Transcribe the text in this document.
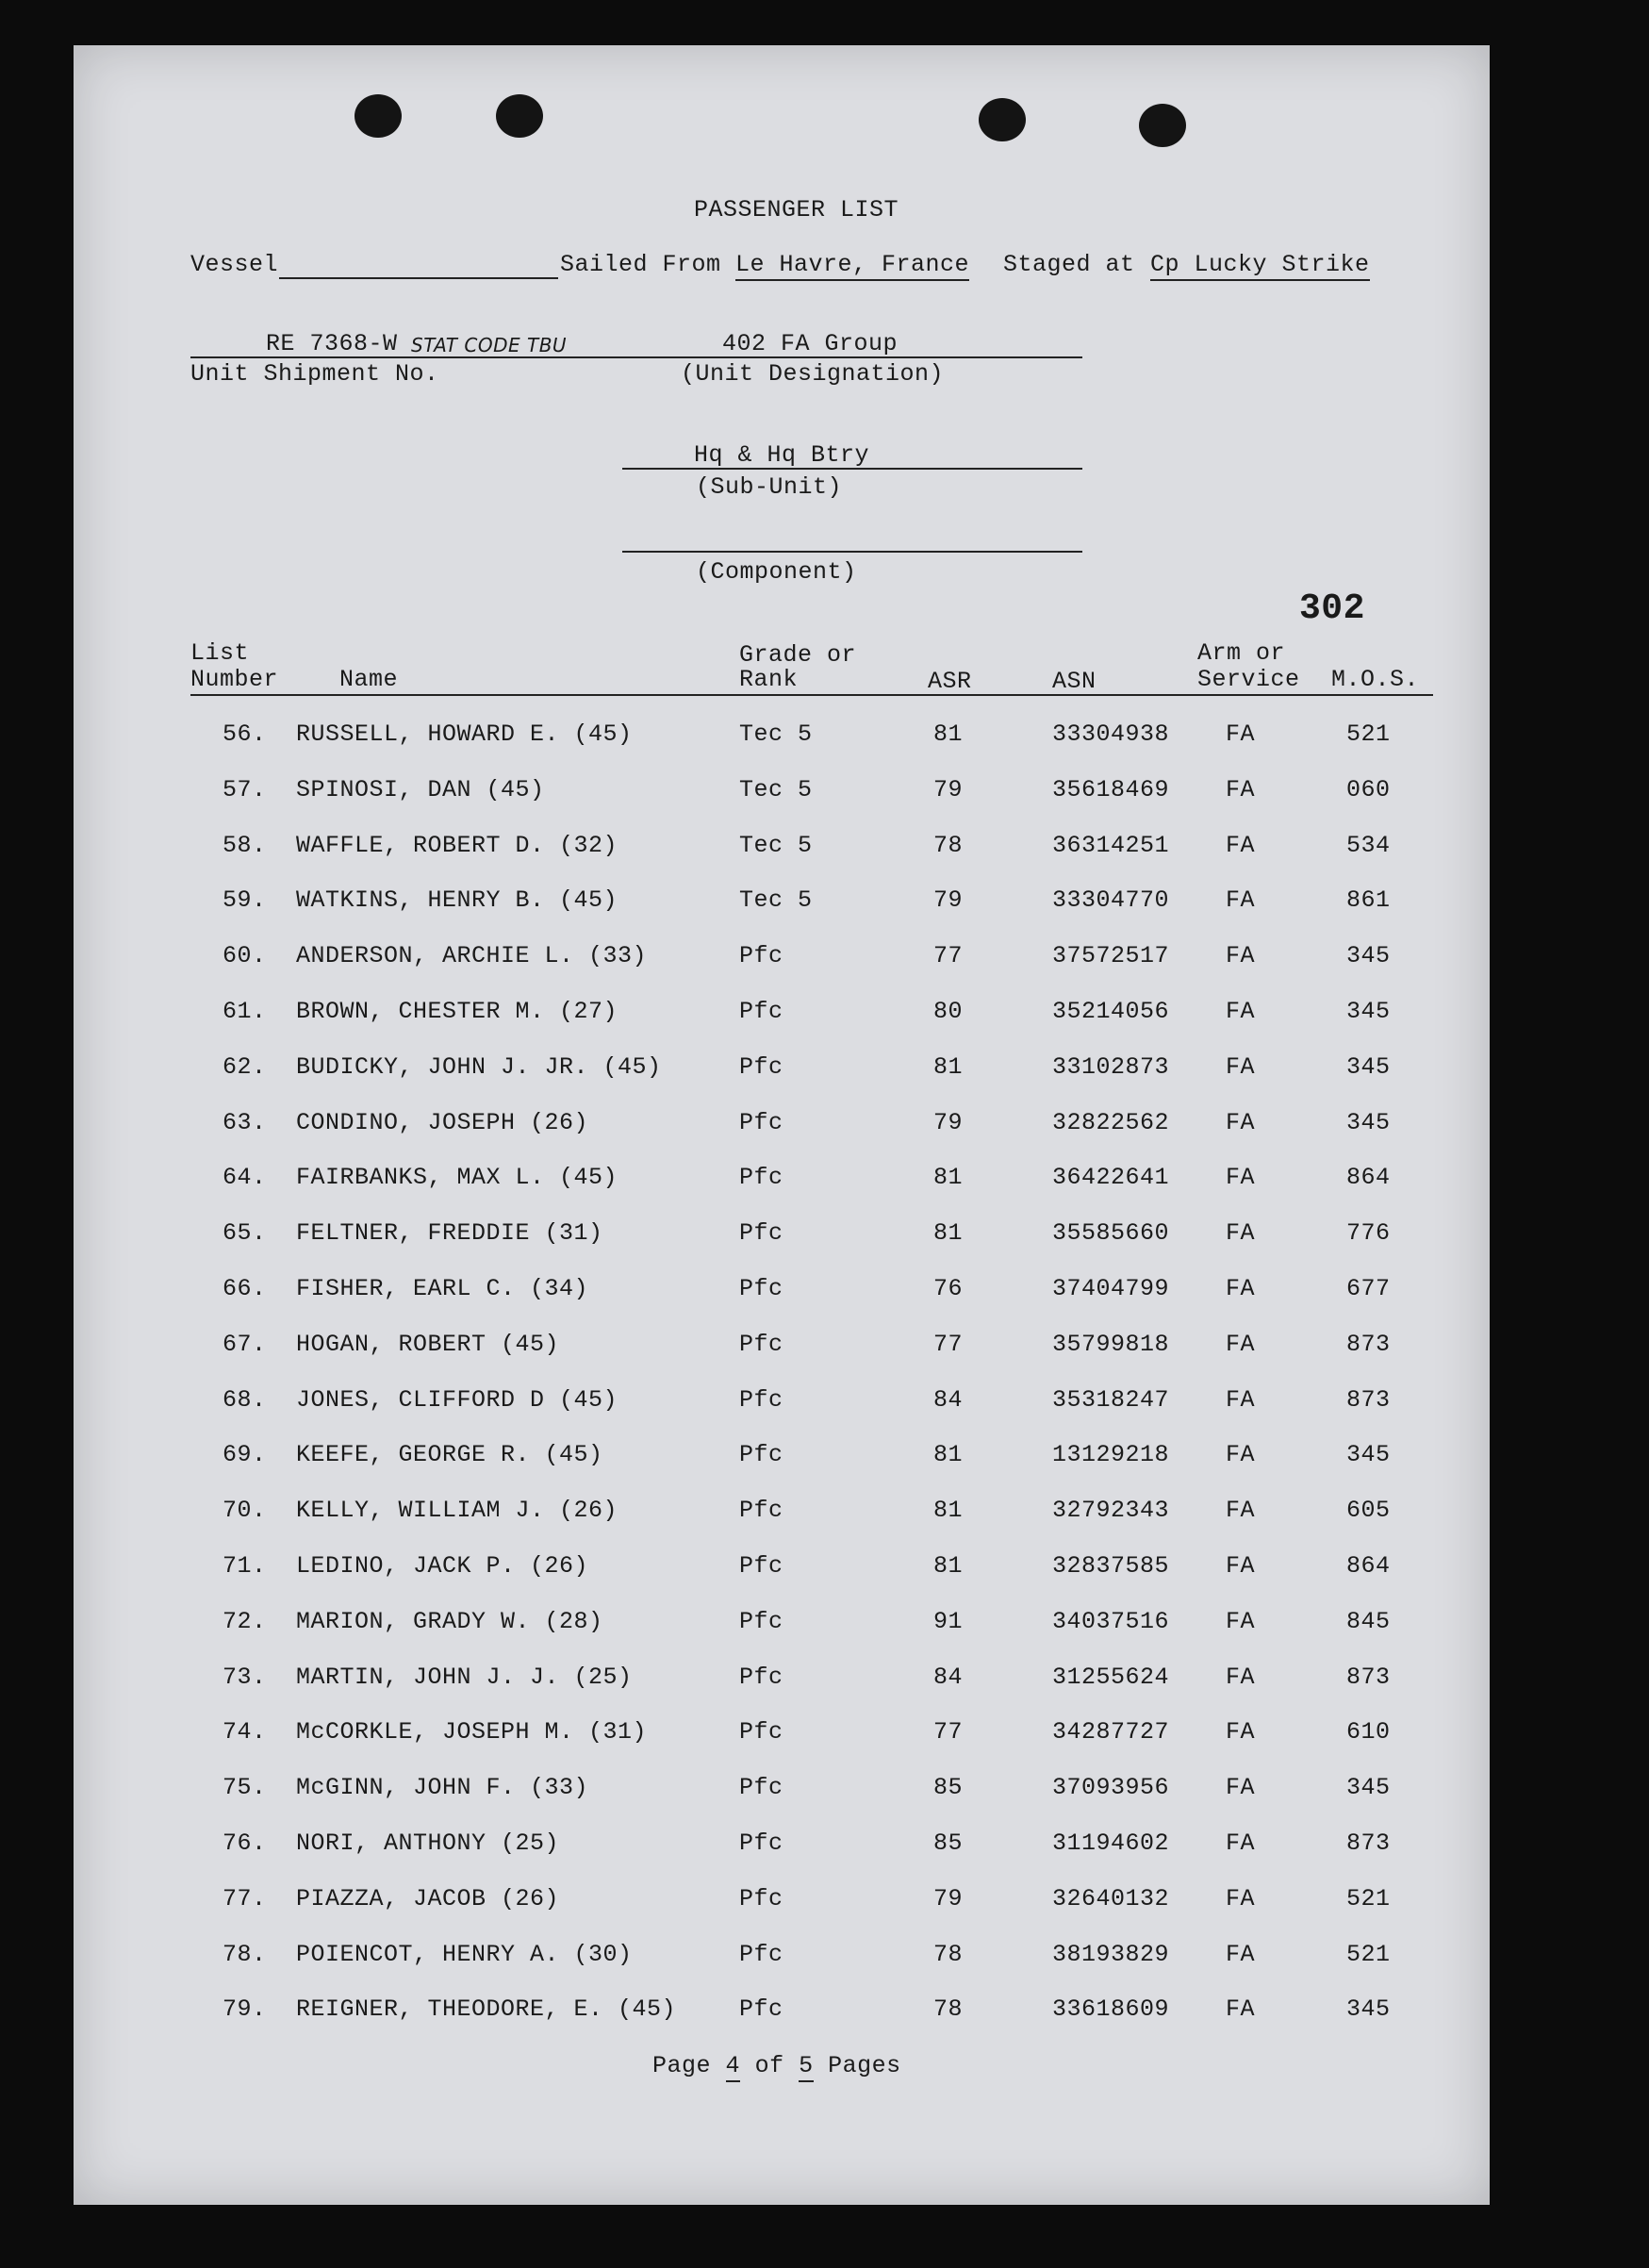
PASSENGER LIST
Vessel	Sailed From Le Havre, France Staged at Cp Lucky Strike
RE 7368-W STAT CODE TBU
Unit Shipment No.
402 FA Group
(Unit Designation)
Hq & Hq Btry
(Sub-Unit)
(Component)
302
List
Number	Name
Grade or
Rank	ASR	ASN
Arm or
Service M.O.S.
56. RUSSELL, HOWARD E. (45)	Tec 5	81	33304938 FA	521
57. SPINOSI, DAN (45)	Tec 5	79	35618469 FA	060
58. WAFFLE, ROBERT D. (32)	Tec 5	78	36314251 FA	534
59. WATKINS, HENRY B. (45)	Tec 5	79	33304770 FA	861
60. ANDERSON, ARCHIE L. (33)	Pfc	77	37572517 FA	345
61. BROWN, CHESTER M. (27)	Pfc	80	35214056 FA	345
62. BUDICKY, JOHN J. JR. (45)	Pfc	81	33102873 FA	345
63. CONDINO, JOSEPH (26)	Pfc	79	32822562 FA	345
64. FAIRBANKS, MAX L. (45)	Pfc	81	36422641 FA	864
65. FELTNER, FREDDIE (31)	Pfc	81	35585660 FA	776
66. FISHER, EARL C. (34)	Pfc	76	37404799 FA	677
67. HOGAN, ROBERT (45)	Pfc	77	35799818 FA	873
68. JONES, CLIFFORD D (45)	Pfc	84	35318247 FA	873
69. KEEFE, GEORGE R. (45)	Pfc	81	13129218 FA	345
70. KELLY, WILLIAM J. (26)	Pfc	81	32792343 FA	605
71. LEDINO, JACK P. (26)	Pfc	81	32837585 FA	864
72. MARION, GRADY W. (28)	Pfc	91	34037516 FA	845
73. MARTIN, JOHN J. J. (25)	Pfc	84	31255624 FA	873
74. McCORKLE, JOSEPH M. (31)	Pfc	77	34287727 FA	610
75. McGINN, JOHN F. (33)	Pfc	85	37093956 FA	345
76. NORI, ANTHONY (25)	Pfc	85	31194602 FA	873
77. PIAZZA, JACOB (26)	Pfc	79	32640132 FA	521
78. POIENCOT, HENRY A. (30)	Pfc	78	38193829 FA	521
79. REIGNER, THEODORE, E. (45)	Pfc	78	33618609 FA	345
Page 4 of 5 Pages
